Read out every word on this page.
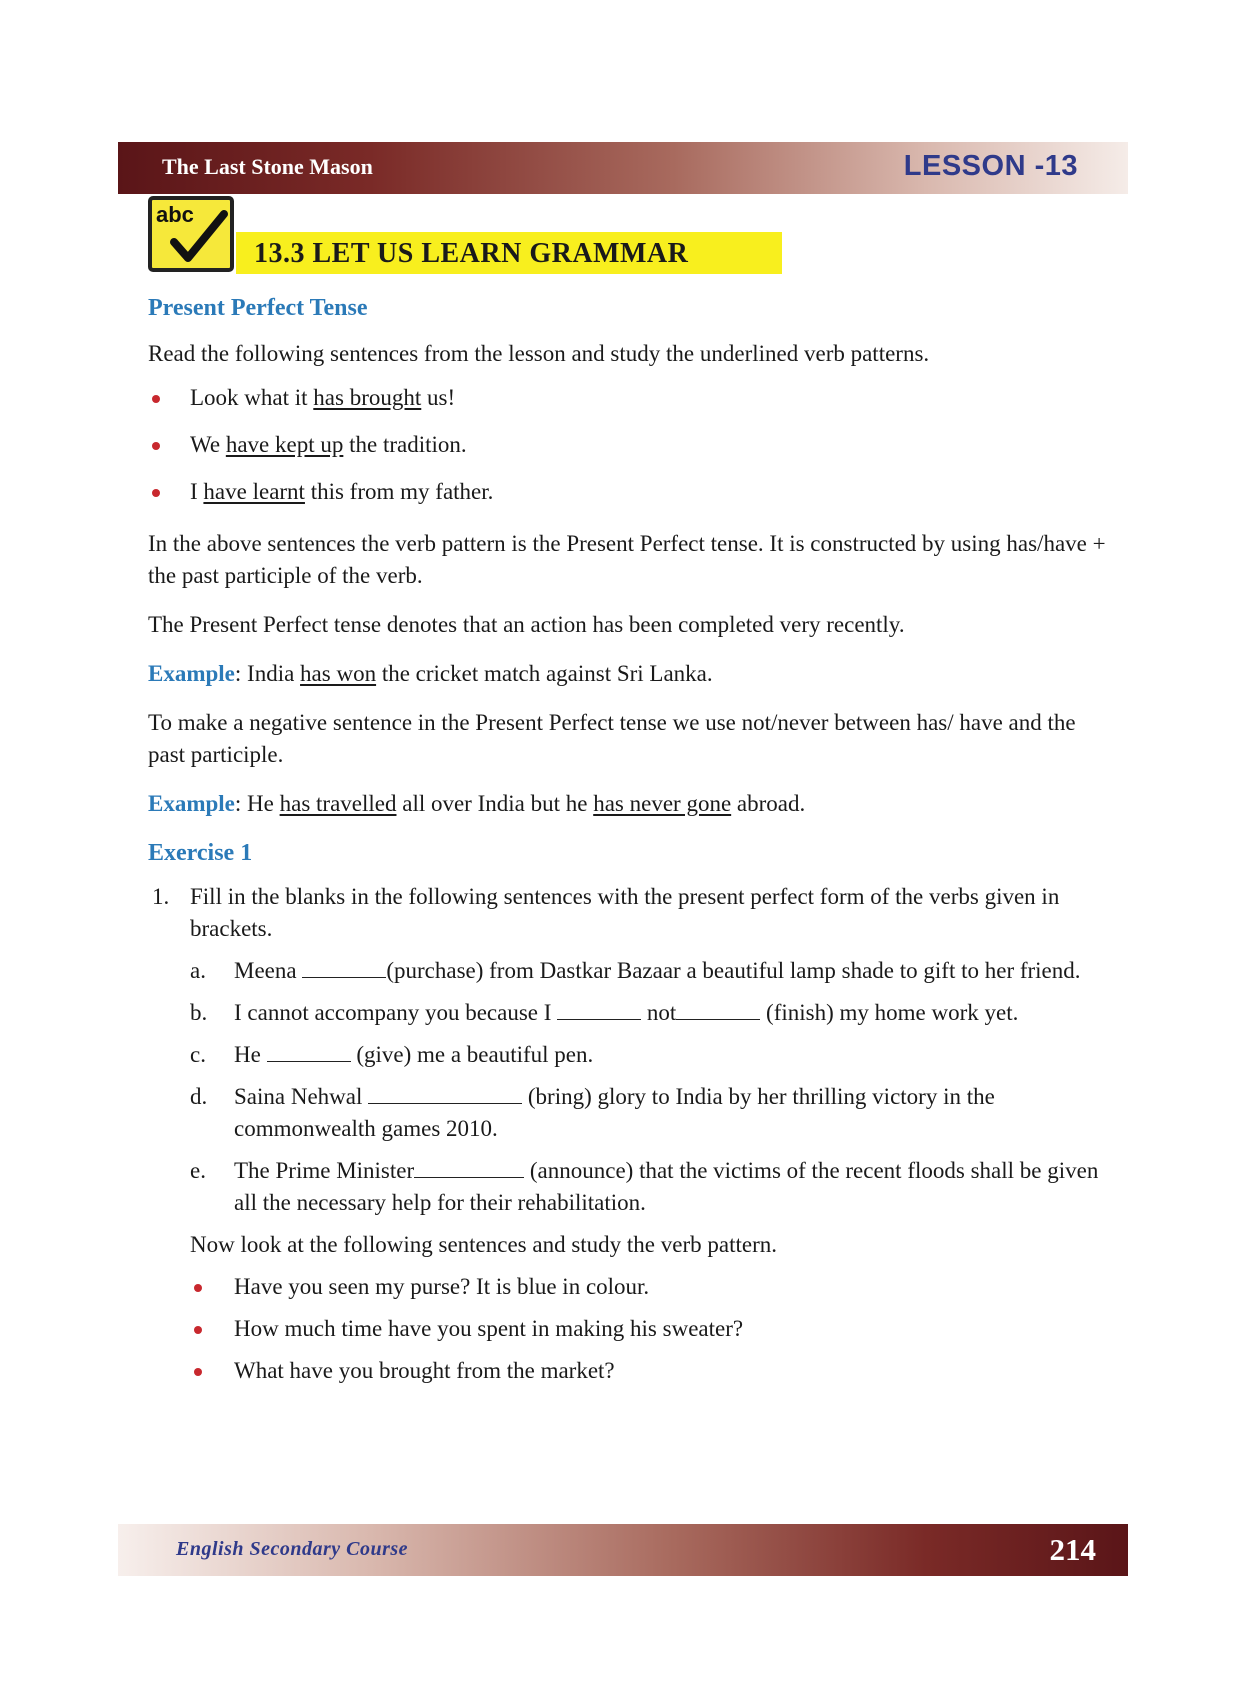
The Last Stone Mason	LESSON -13
abc
13.3 LET US LEARN GRAMMAR

Present Perfect Tense

Read the following sentences from the lesson and study the underlined verb patterns.

Look what it has brought us!

We have kept up the tradition.

I have learnt this from my father.

In the above sentences the verb pattern is the Present Perfect tense. It is constructed by using has/have + the past participle of the verb.

The Present Perfect tense denotes that an action has been completed very recently.

Example: India has won the cricket match against Sri Lanka.

To make a negative sentence in the Present Perfect tense we use not/never between has/ have and the past participle.

Example: He has travelled all over India but he has never gone abroad.

Exercise 1

1. Fill in the blanks in the following sentences with the present perfect form of the verbs given in brackets.

a. Meena	(purchase) from Dastkar Bazaar a beautiful lamp shade to gift to her friend.

b. I cannot accompany you because I	not	(finish) my home work yet.

c. He	(give) me a beautiful pen.

d. Saina Nehwal	(bring) glory to India by her thrilling victory in the commonwealth games 2010.

e. The Prime Minister	(announce) that the victims of the recent floods shall be given all the necessary help for their rehabilitation.

Now look at the following sentences and study the verb pattern.

Have you seen my purse? It is blue in colour.

How much time have you spent in making his sweater?

What have you brought from the market?

English Secondary Course	214
